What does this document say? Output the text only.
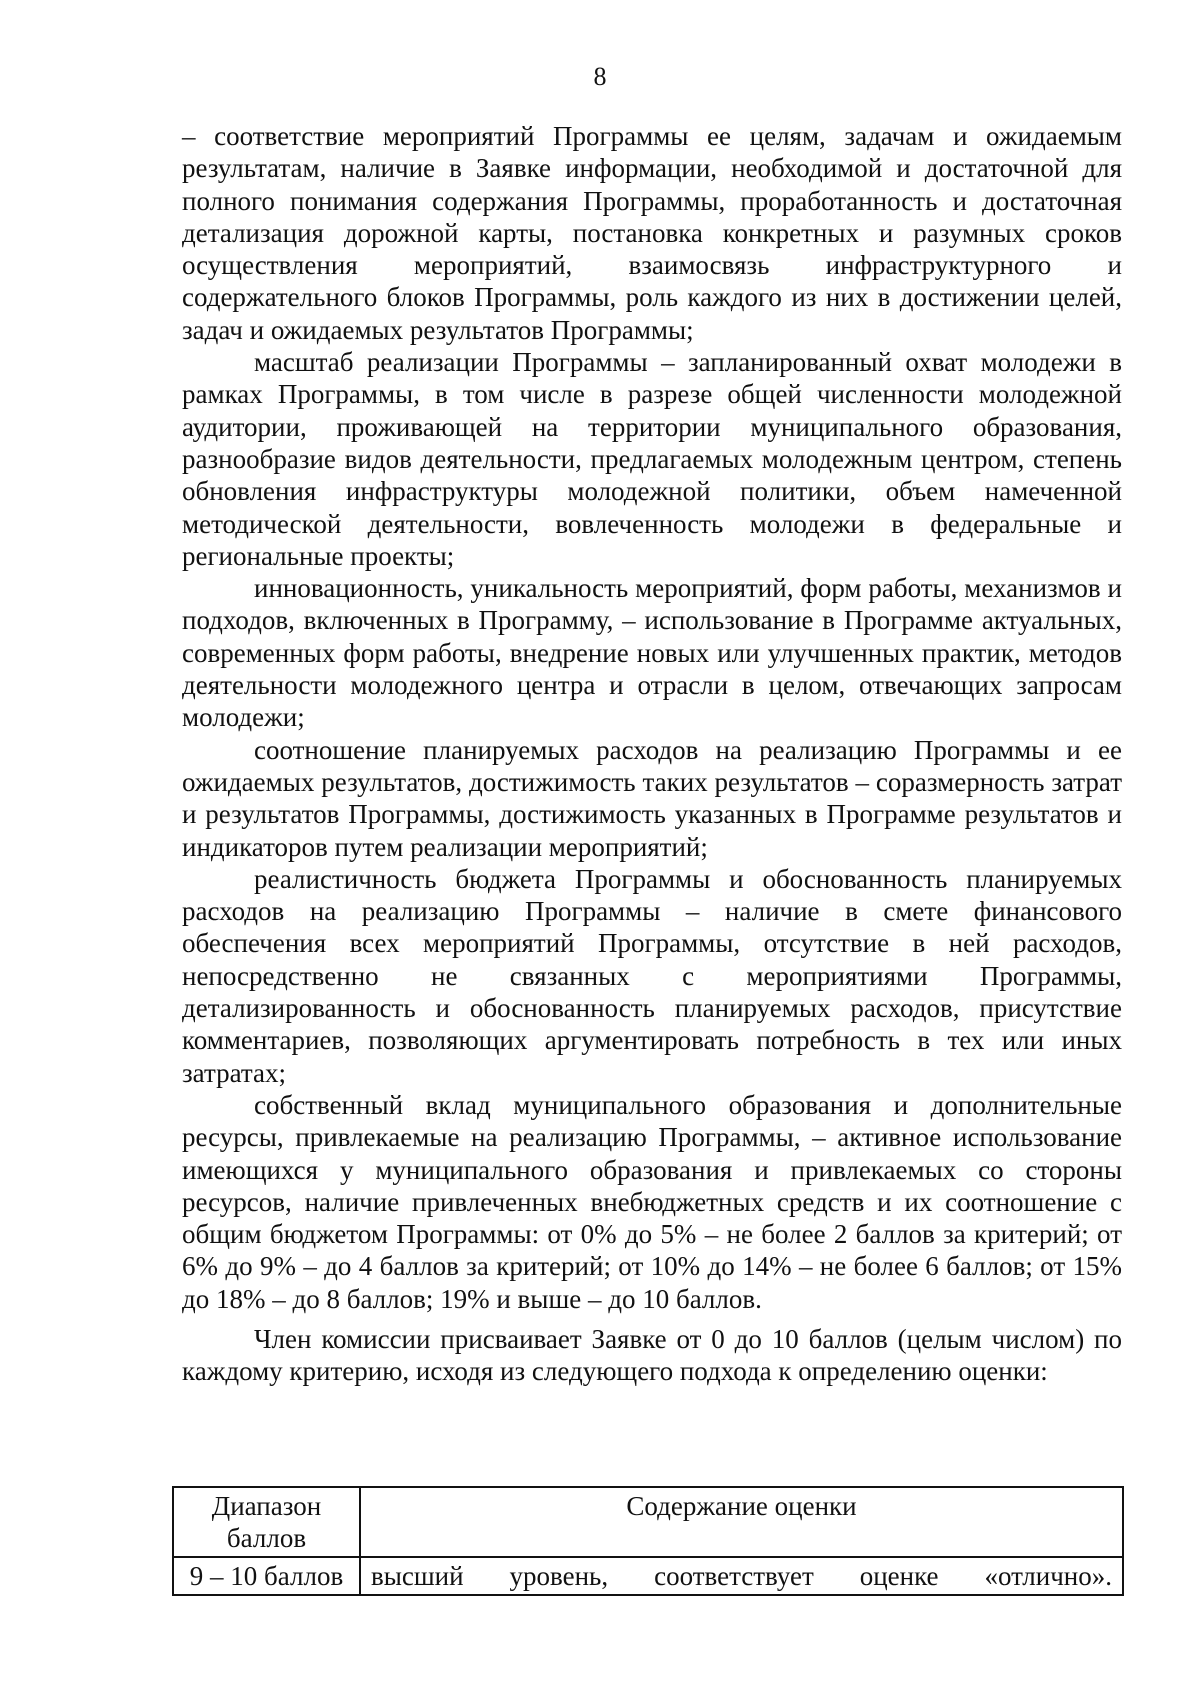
8

– соответствие мероприятий Программы ее целям, задачам и ожидаемым результатам, наличие в Заявке информации, необходимой и достаточной для полного понимания содержания Программы, проработанность и достаточная детализация дорожной карты, постановка конкретных и разумных сроков осуществления мероприятий, взаимосвязь инфраструктурного и содержательного блоков Программы, роль каждого из них в достижении целей, задач и ожидаемых результатов Программы;

масштаб реализации Программы – запланированный охват молодежи в рамках Программы, в том числе в разрезе общей численности молодежной аудитории, проживающей на территории муниципального образования, разнообразие видов деятельности, предлагаемых молодежным центром, степень обновления инфраструктуры молодежной политики, объем намеченной методической деятельности, вовлеченность молодежи в федеральные и региональные проекты;

инновационность, уникальность мероприятий, форм работы, механизмов и подходов, включенных в Программу, – использование в Программе актуальных, современных форм работы, внедрение новых или улучшенных практик, методов деятельности молодежного центра и отрасли в целом, отвечающих запросам молодежи;

соотношение планируемых расходов на реализацию Программы и ее ожидаемых результатов, достижимость таких результатов – соразмерность затрат и результатов Программы, достижимость указанных в Программе результатов и индикаторов путем реализации мероприятий;

реалистичность бюджета Программы и обоснованность планируемых расходов на реализацию Программы – наличие в смете финансового обеспечения всех мероприятий Программы, отсутствие в ней расходов, непосредственно не связанных с мероприятиями Программы, детализированность и обоснованность планируемых расходов, присутствие комментариев, позволяющих аргументировать потребность в тех или иных затратах;

собственный вклад муниципального образования и дополнительные ресурсы, привлекаемые на реализацию Программы, – активное использование имеющихся у муниципального образования и привлекаемых со стороны ресурсов, наличие привлеченных внебюджетных средств и их соотношение с общим бюджетом Программы: от 0% до 5% – не более 2 баллов за критерий; от 6% до 9% – до 4 баллов за критерий; от 10% до 14% – не более 6 баллов; от 15% до 18% – до 8 баллов; 19% и выше – до 10 баллов.

Член комиссии присваивает Заявке от 0 до 10 баллов (целым числом) по каждому критерию, исходя из следующего подхода к определению оценки:

Диапазон баллов	Содержание оценки
9 – 10 баллов	высший уровень, соответствует оценке «отлично».
